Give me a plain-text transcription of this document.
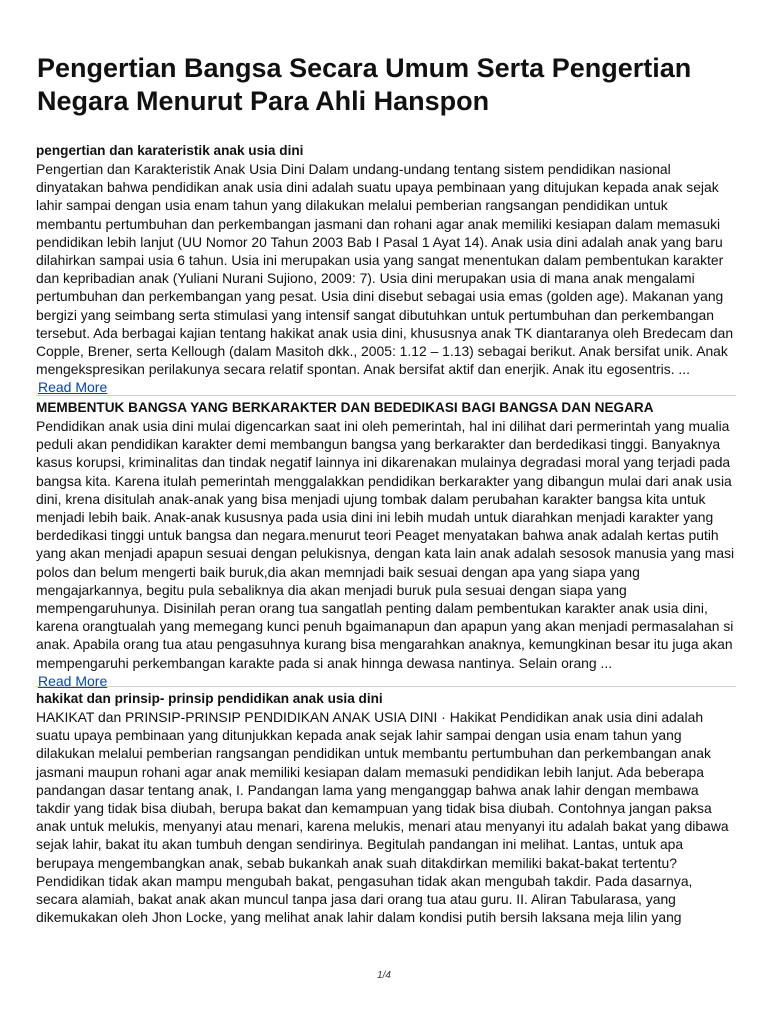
Pengertian Bangsa Secara Umum Serta Pengertian Negara Menurut Para Ahli Hanspon
pengertian dan karateristik anak usia dini

Pengertian dan Karakteristik Anak Usia Dini Dalam undang-undang tentang sistem pendidikan nasional dinyatakan bahwa pendidikan anak usia dini adalah suatu upaya pembinaan yang ditujukan kepada anak sejak lahir sampai dengan usia enam tahun yang dilakukan melalui pemberian rangsangan pendidikan untuk membantu pertumbuhan dan perkembangan jasmani dan rohani agar anak memiliki kesiapan dalam memasuki pendidikan lebih lanjut (UU Nomor 20 Tahun 2003 Bab I Pasal 1 Ayat 14). Anak usia dini adalah anak yang baru dilahirkan sampai usia 6 tahun. Usia ini merupakan usia yang sangat menentukan dalam pembentukan karakter dan kepribadian anak (Yuliani Nurani Sujiono, 2009: 7). Usia dini merupakan usia di mana anak mengalami pertumbuhan dan perkembangan yang pesat. Usia dini disebut sebagai usia emas (golden age). Makanan yang bergizi yang seimbang serta stimulasi yang intensif sangat dibutuhkan untuk pertumbuhan dan perkembangan tersebut. Ada berbagai kajian tentang hakikat anak usia dini, khususnya anak TK diantaranya oleh Bredecam dan Copple, Brener, serta Kellough (dalam Masitoh dkk., 2005: 1.12 – 1.13) sebagai berikut. Anak bersifat unik. Anak mengekspresikan perilakunya secara relatif spontan. Anak bersifat aktif dan enerjik. Anak itu egosentris. ...

Read More
MEMBENTUK BANGSA YANG BERKARAKTER DAN BEDEDIKASI BAGI BANGSA DAN NEGARA

Pendidikan anak usia dini mulai digencarkan saat ini oleh pemerintah, hal ini dilihat dari permerintah yang mualia peduli akan pendidikan karakter demi membangun bangsa yang berkarakter dan berdedikasi tinggi. Banyaknya kasus korupsi, kriminalitas dan tindak negatif lainnya ini dikarenakan mulainya degradasi moral yang terjadi pada bangsa kita. Karena itulah pemerintah menggalakkan pendidikan berkarakter yang dibangun mulai dari anak usia dini, krena disitulah anak-anak yang bisa menjadi ujung tombak dalam perubahan karakter bangsa kita untuk menjadi lebih baik. Anak-anak kususnya pada usia dini ini lebih mudah untuk diarahkan menjadi karakter yang berdedikasi tinggi untuk bangsa dan negara.menurut teori Peaget menyatakan bahwa anak adalah kertas putih yang akan menjadi apapun sesuai dengan pelukisnya, dengan kata lain anak adalah sesosok manusia yang masi polos dan belum mengerti baik buruk,dia akan memnjadi baik sesuai dengan apa yang siapa yang mengajarkannya, begitu pula sebaliknya dia akan menjadi buruk pula sesuai dengan siapa yang mempengaruhunya. Disinilah peran orang tua sangatlah penting dalam pembentukan karakter anak usia dini, karena orangtualah yang memegang kunci penuh bgaimanapun dan apapun yang akan menjadi permasalahan si anak. Apabila orang tua atau pengasuhnya kurang bisa mengarahkan anaknya, kemungkinan besar itu juga akan mempengaruhi perkembangan karakte pada si anak hinnga dewasa nantinya. Selain orang ...

Read More
hakikat dan prinsip- prinsip pendidikan anak usia dini

HAKIKAT dan PRINSIP-PRINSIP PENDIDIKAN ANAK USIA DINI · Hakikat Pendidikan anak usia dini adalah suatu upaya pembinaan yang ditunjukkan kepada anak sejak lahir sampai dengan usia enam tahun yang dilakukan melalui pemberian rangsangan pendidikan untuk membantu pertumbuhan dan perkembangan anak jasmani maupun rohani agar anak memiliki kesiapan dalam memasuki pendidikan lebih lanjut. Ada beberapa pandangan dasar tentang anak, I. Pandangan lama yang menganggap bahwa anak lahir dengan membawa takdir yang tidak bisa diubah, berupa bakat dan kemampuan yang tidak bisa diubah. Contohnya jangan paksa anak untuk melukis, menyanyi atau menari, karena melukis, menari atau menyanyi itu adalah bakat yang dibawa sejak lahir, bakat itu akan tumbuh dengan sendirinya. Begitulah pandangan ini melihat. Lantas, untuk apa berupaya mengembangkan anak, sebab bukankah anak suah ditakdirkan memiliki bakat-bakat tertentu?Pendidikan tidak akan mampu mengubah bakat, pengasuhan tidak akan mengubah takdir. Pada dasarnya, secara alamiah, bakat anak akan muncul tanpa jasa dari orang tua atau guru. II. Aliran Tabularasa, yang dikemukakan oleh Jhon Locke, yang melihat anak lahir dalam kondisi putih bersih laksana meja lilin yang

1/4
